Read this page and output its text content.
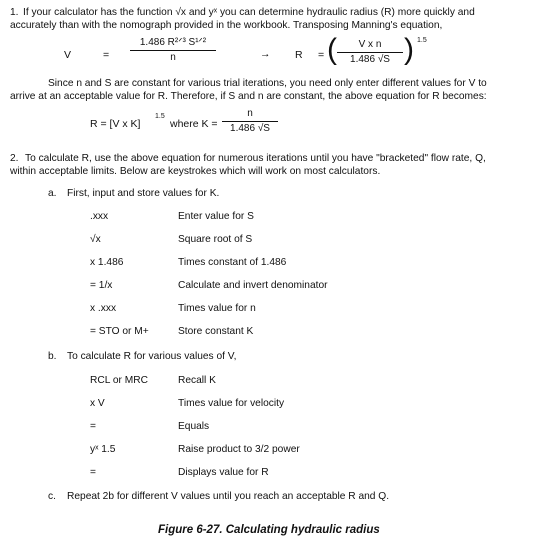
1. If your calculator has the function √x and yˣ you can determine hydraulic radius (R) more quickly and
accurately than with the nomograph provided in the workbook. Transposing Manning's equation,
V	=
1.486 R²ᐟ³ S¹ᐟ²
n	→ R = (	V x n
1.486 √S ) 1.5
Since n and S are constant for various trial iterations, you need only enter different values for V to
arrive at an acceptable value for R. Therefore, if S and n are constant, the above equation for R becomes:
R = [V x K]
1.5
where K =
n
1.486 √S
2. To calculate R, use the above equation for numerous iterations until you have "bracketed" flow rate, Q,
within acceptable limits. Below are keystrokes which will work on most calculators.
a. First, input and store values for K.
.xxx	Enter value for S
√x	Square root of S
x 1.486	Times constant of 1.486
= 1/x	Calculate and invert denominator
x .xxx	Times value for n
= STO or M+	Store constant K
b. To calculate R for various values of V,
RCL or MRC	Recall K
x V	Times value for velocity
=	Equals
yˣ 1.5	Raise product to 3/2 power
=	Displays value for R
c. Repeat 2b for different V values until you reach an acceptable R and Q.
Figure 6-27. Calculating hydraulic radius
